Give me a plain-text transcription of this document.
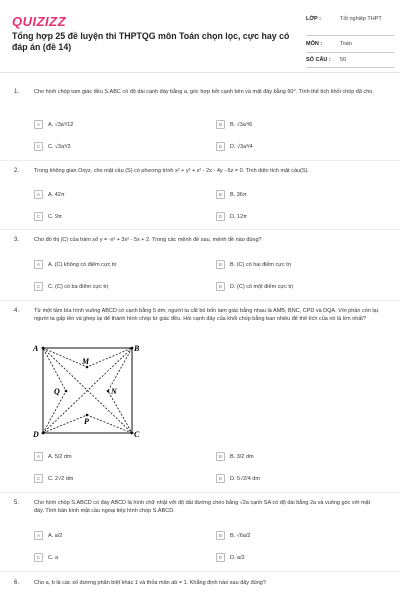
QUIZIZZ
Tổng hợp 25 đề luyện thi THPTQG môn Toán chọn lọc, cực hay có đáp án (đề 14)
LỚP :	Tốt nghiệp THPT
MÔN :	Toán
SỐ CÂU : 50
1.	Cho hình chóp tam giác đều S.ABC có độ dài cạnh đáy bằng a, góc hợp bởi cạnh bên và mặt đáy bằng 60°. Tính thể tích khối chóp đã cho.
A	A. √3a³/12	B	B. √3a³/6
C	C. √3a³/3	D	D. √3a³/4
2.	Trong không gian Oxyz, cho mặt cầu (S) có phương trình x² + y² + z² - 2x - 4y - 6z = 0. Tính diện tích mặt cầu(S).
A	A. 42π	B	B. 36π
C	C. 9π	D	D. 12π
3.	Cho đồ thị (C) của hàm số y = -x³ + 3x² - 5x + 2. Trong các mệnh đề sau, mệnh đề nào đúng?
A	A. (C) không có điểm cực trị	B	B. (C) có hai điểm cực trị
C	C. (C) có ba điểm cực trị	D	D. (C) có một điểm cực trị
4.	Từ một tấm bìa hình vuông ABCD có cạnh bằng 5 dm, người ta cắt bỏ bốn tam giác bằng nhau là AMB, BNC, CPD và DQA. Với phần còn lại, người ta gấp lên và ghép lại để thành hình chóp tứ giác đều. Hỏi cạnh đáy của khối chóp bằng bao nhiêu để thể tích của nó là lớn nhất?
A	B
C
D
M
N
P
Q
A	A. 5/2 dm	B	B. 3/2 dm
C	C. 2√2 dm	D	D. 5√2/4 dm
5.	Cho hình chóp S.ABCD có đáy ABCD là hình chữ nhật với độ dài đường chéo bằng √2a cạnh SA có độ dài bằng 2a và vuông góc với mặt đáy. Tính bán kính mặt cầu ngoại tiếp hình chóp S.ABCD.
A	A. a/2	B	B. √6a/2
C	C. a	D	D. a/2
6.	Cho a, b là các số dương phân biệt khác 1 và thỏa mãn ab = 1. Khẳng định nào sau đây đúng?
